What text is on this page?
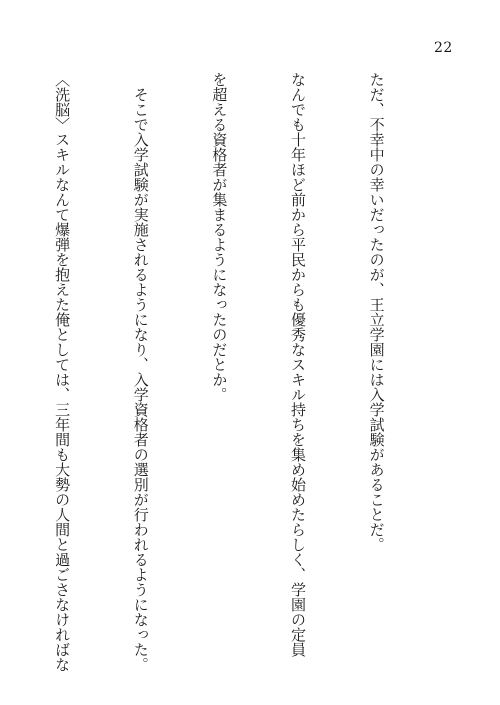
22

ただ、不幸中の幸いだったのが、王立学園には入学試験があることだ。

なんでも十年ほど前から平民からも優秀なスキル持ちを集め始めたらしく、学園の定員

を超える資格者が集まるようになったのだとか。

　そこで入学試験が実施されるようになり、入学資格者の選別が行われるようになった。

〈洗脳〉スキルなんて爆弾を抱えた俺としては、三年間も大勢の人間と過ごさなければな
